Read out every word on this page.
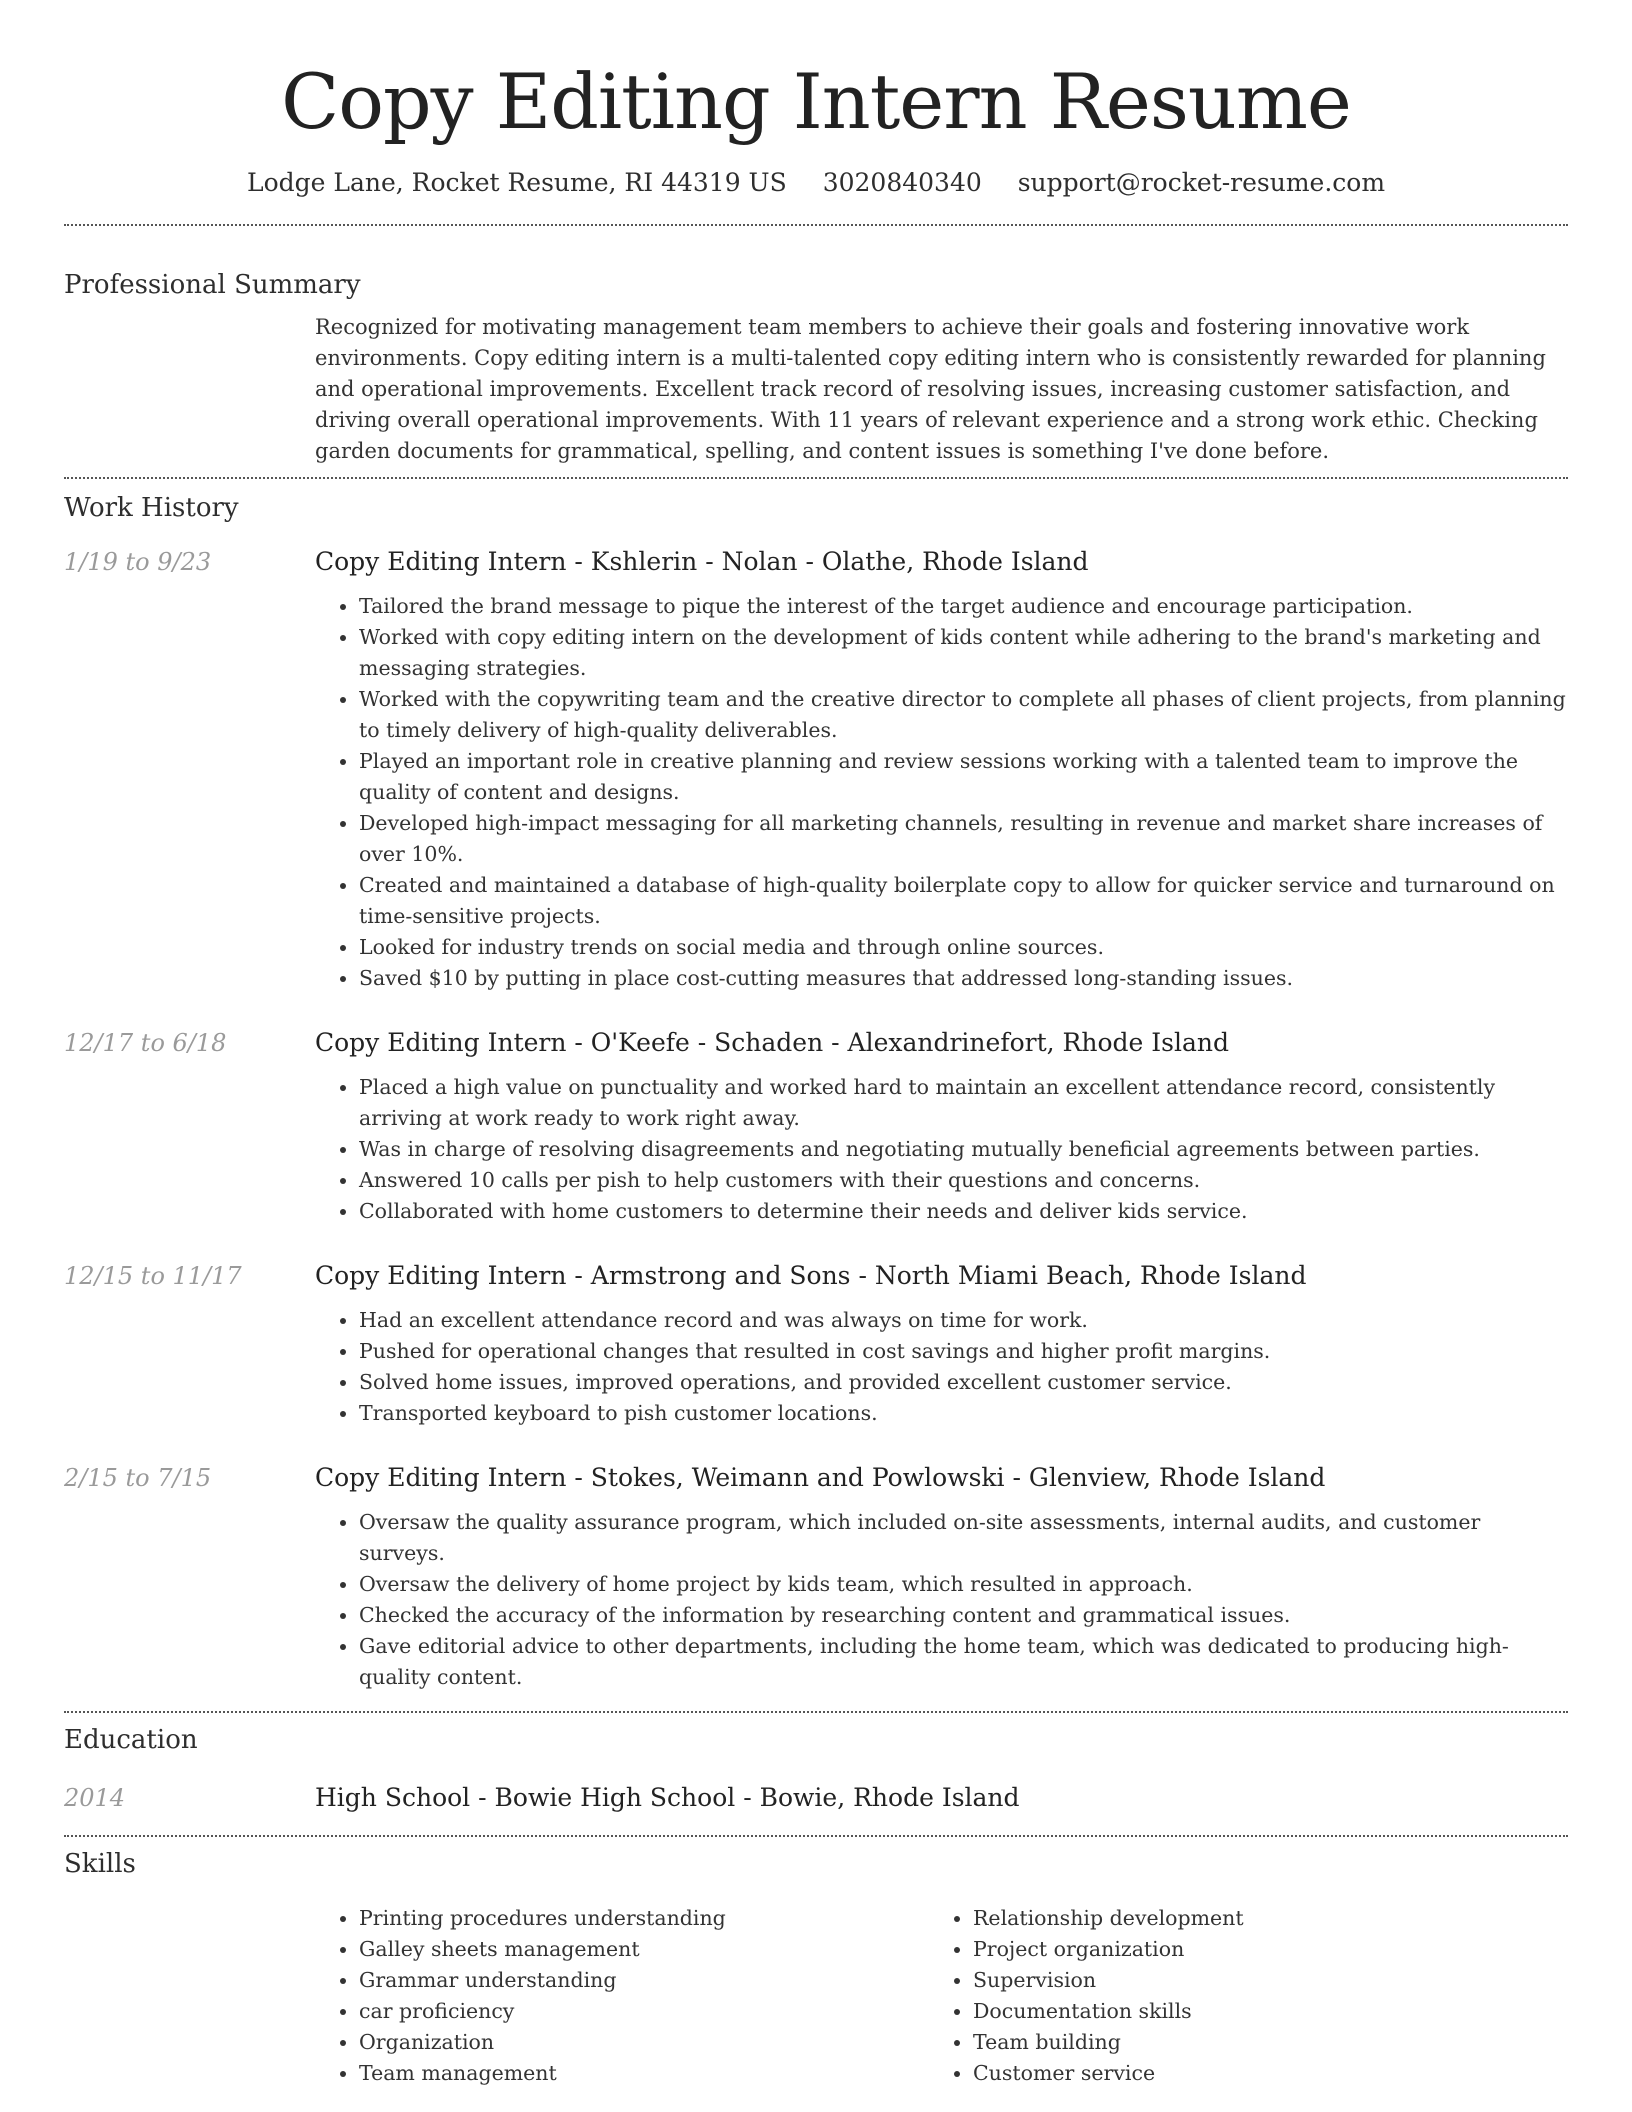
Copy Editing Intern Resume
Lodge Lane, Rocket Resume, RI 44319 US 3020840340 support@rocket-resume.com
Professional Summary

Recognized for motivating management team members to achieve their goals and fostering innovative work environments. Copy editing intern is a multi-talented copy editing intern who is consistently rewarded for planning and operational improvements. Excellent track record of resolving issues, increasing customer satisfaction, and driving overall operational improvements. With 11 years of relevant experience and a strong work ethic. Checking garden documents for grammatical, spelling, and content issues is something I've done before.

Work History
1/19 to 9/23	Copy Editing Intern - Kshlerin - Nolan - Olathe, Rhode Island
• Tailored the brand message to pique the interest of the target audience and encourage participation.
• Worked with copy editing intern on the development of kids content while adhering to the brand's marketing and messaging strategies.
• Worked with the copywriting team and the creative director to complete all phases of client projects, from planning to timely delivery of high-quality deliverables.
• Played an important role in creative planning and review sessions working with a talented team to improve the quality of content and designs.
• Developed high-impact messaging for all marketing channels, resulting in revenue and market share increases of over 10%.
• Created and maintained a database of high-quality boilerplate copy to allow for quicker service and turnaround on time-sensitive projects.
• Looked for industry trends on social media and through online sources.
• Saved $10 by putting in place cost-cutting measures that addressed long-standing issues.
12/17 to 6/18	Copy Editing Intern - O'Keefe - Schaden - Alexandrinefort, Rhode Island
• Placed a high value on punctuality and worked hard to maintain an excellent attendance record, consistently arriving at work ready to work right away.
• Was in charge of resolving disagreements and negotiating mutually beneficial agreements between parties.
• Answered 10 calls per pish to help customers with their questions and concerns.
• Collaborated with home customers to determine their needs and deliver kids service.
12/15 to 11/17	Copy Editing Intern - Armstrong and Sons - North Miami Beach, Rhode Island
• Had an excellent attendance record and was always on time for work.
• Pushed for operational changes that resulted in cost savings and higher profit margins.
• Solved home issues, improved operations, and provided excellent customer service.
• Transported keyboard to pish customer locations.
2/15 to 7/15	Copy Editing Intern - Stokes, Weimann and Powlowski - Glenview, Rhode Island
• Oversaw the quality assurance program, which included on-site assessments, internal audits, and customer surveys.
• Oversaw the delivery of home project by kids team, which resulted in approach.
• Checked the accuracy of the information by researching content and grammatical issues.
• Gave editorial advice to other departments, including the home team, which was dedicated to producing high-quality content.
Education
2014	High School - Bowie High School - Bowie, Rhode Island
Skills
• Printing procedures understanding
• Galley sheets management
• Grammar understanding
• car proficiency
• Organization
• Team management
• Relationship development
• Project organization
• Supervision
• Documentation skills
• Team building
• Customer service
